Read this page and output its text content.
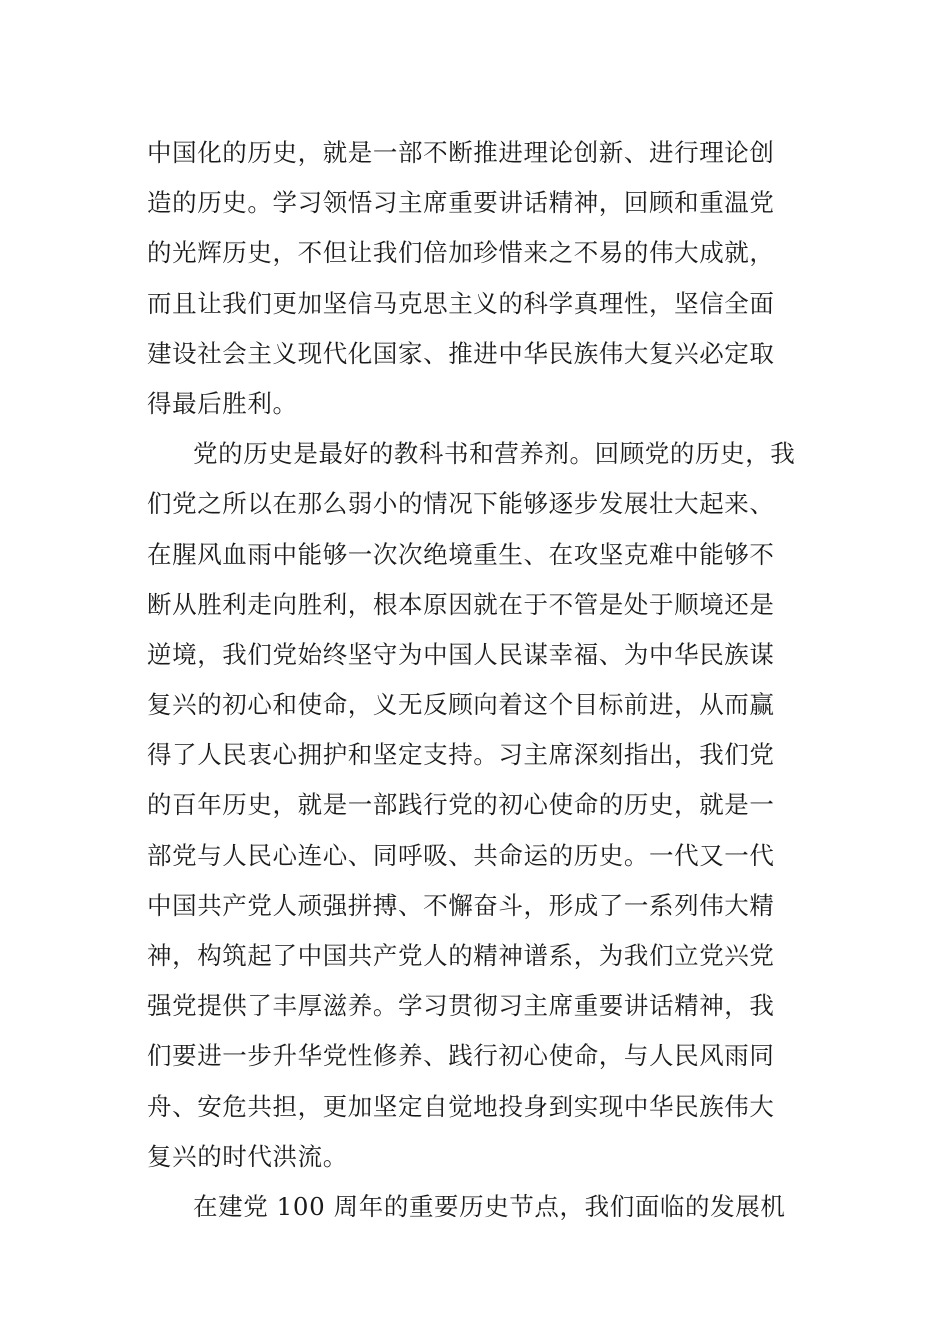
中国化的历史，就是一部不断推进理论创新、进行理论创
造的历史。学习领悟习主席重要讲话精神，回顾和重温党
的光辉历史，不但让我们倍加珍惜来之不易的伟大成就，
而且让我们更加坚信马克思主义的科学真理性，坚信全面
建设社会主义现代化国家、推进中华民族伟大复兴必定取
得最后胜利。
党的历史是最好的教科书和营养剂。回顾党的历史，我
们党之所以在那么弱小的情况下能够逐步发展壮大起来、
在腥风血雨中能够一次次绝境重生、在攻坚克难中能够不
断从胜利走向胜利，根本原因就在于不管是处于顺境还是
逆境，我们党始终坚守为中国人民谋幸福、为中华民族谋
复兴的初心和使命，义无反顾向着这个目标前进，从而赢
得了人民衷心拥护和坚定支持。习主席深刻指出，我们党
的百年历史，就是一部践行党的初心使命的历史，就是一
部党与人民心连心、同呼吸、共命运的历史。一代又一代
中国共产党人顽强拼搏、不懈奋斗，形成了一系列伟大精
神，构筑起了中国共产党人的精神谱系，为我们立党兴党
强党提供了丰厚滋养。学习贯彻习主席重要讲话精神，我
们要进一步升华党性修养、践行初心使命，与人民风雨同
舟、安危共担，更加坚定自觉地投身到实现中华民族伟大
复兴的时代洪流。
在建党 100 周年的重要历史节点，我们面临的发展机
